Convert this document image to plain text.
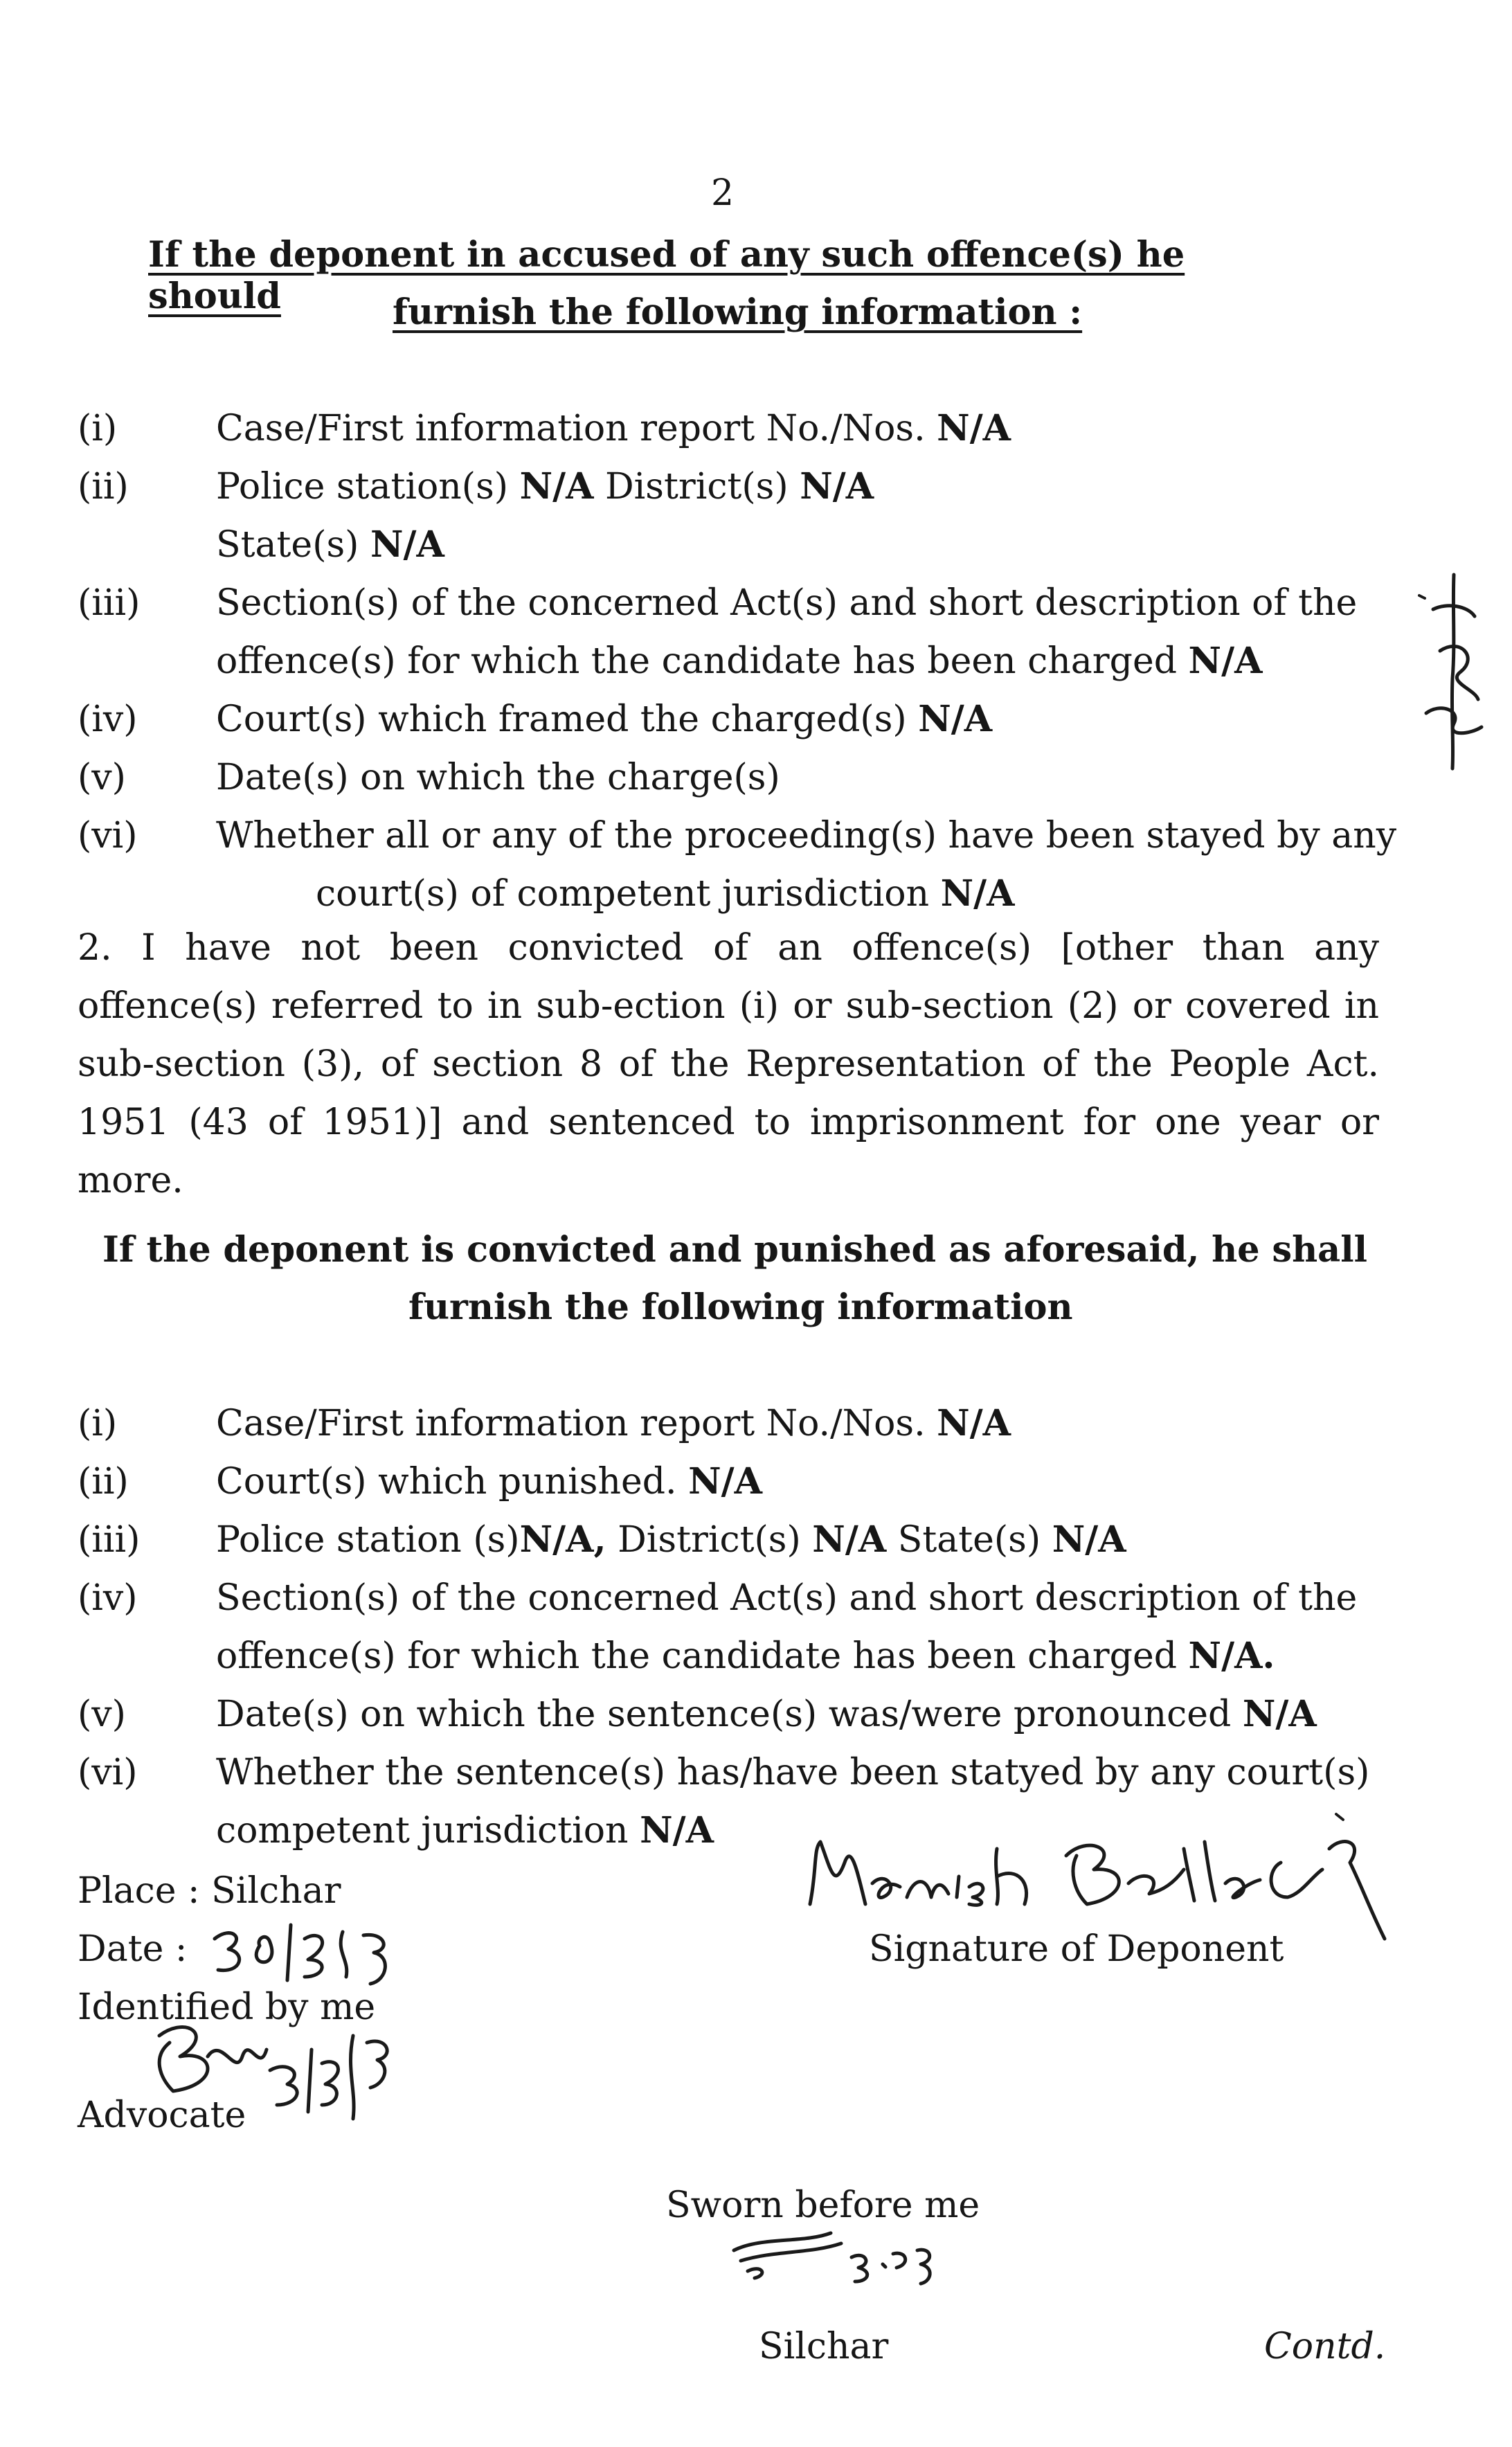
2
If the deponent in accused of any such offence(s) he should	furnish the following information :
(i)	Case/First information report No./Nos. N/A
(ii) Police station(s) N/A District(s) N/A
State(s) N/A
(iii) Section(s) of the concerned Act(s) and short description of the
offence(s) for which the candidate has been charged N/A
(iv) Court(s) which framed the charged(s) N/A
(v)	Date(s) on which the charge(s)
(vi) Whether all or any of the proceeding(s) have been stayed by any
court(s) of competent jurisdiction N/A
2. I have not been convicted of an offence(s) [other than any
offence(s) referred to in sub-ection (i) or sub-section (2) or covered in
sub-section (3), of section 8 of the Representation of the People Act.
1951 (43 of 1951)] and sentenced to imprisonment for one year or more.
If the deponent is convicted and punished as aforesaid, he shall
furnish the following information
(i)	Case/First information report No./Nos. N/A
(ii) Court(s) which punished. N/A
(iii) Police station (s)N/A, District(s) N/A State(s) N/A
(iv) Section(s) of the concerned Act(s) and short description of the
offence(s) for which the candidate has been charged N/A.
(v)	Date(s) on which the sentence(s) was/were pronounced N/A
(vi) Whether the sentence(s) has/have been statyed by any court(s)
competent jurisdiction N/A
Place : Silchar
Date :
Identified by me
Advocate
Signature of Deponent
Sworn before me
Silchar	Contd.
